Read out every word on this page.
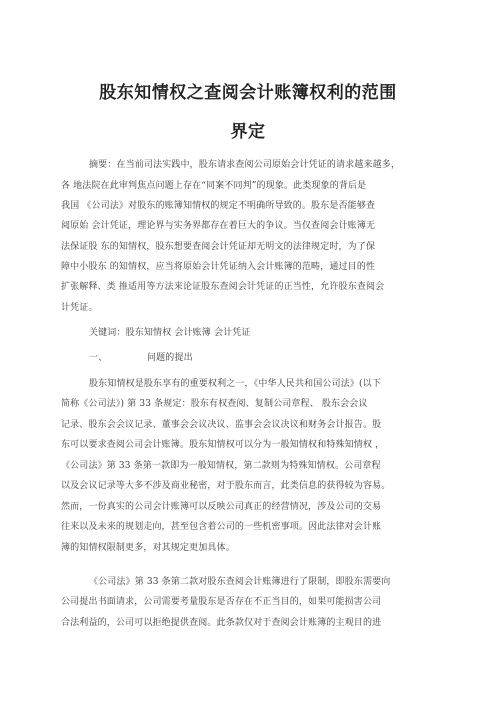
股东知情权之查阅会计账簿权利的范围
界定
摘要：在当前司法实践中，股东请求查阅公司原始会计凭证的请求越来越多，
各 地法院在此审判焦点问题上存在“同案不同判”的现象。此类现象的背后是
我国 《公司法》对股东的账簿知情权的规定不明确所导致的。股东是否能够查
阅原始 会计凭证，理论界与实务界都存在着巨大的争议。当仅查阅会计账簿无
法保证股 东的知情权，股东想要查阅会计凭证却无明文的法律规定时，为了保
障中小股东 的知情权，应当将原始会计凭证纳入会计账簿的范畴，通过目的性
扩张解释、类 推适用等方法来论证股东查阅会计凭证的正当性，允许股东查阅会
计凭证。
关键词：股东知情权 会计账簿 会计凭证
一、	问题的提出
股东知情权是股东享有的重要权利之一，《中华人民共和国公司法》(以下
简称《公司法》) 第 33 条规定：股东有权查阅、复制公司章程、 股东会会议
记录、股东会会议记录、董事会会议决议、监事会会议决议和财务会计报告。股
东可以要求查阅公司会计账簿。股东知情权可以分为一般知情权和特殊知情权 ，
《公司法》第 33 条第一款即为一般知情权，第二款则为特殊知情权。公司章程
以及会议记录等大多不涉及商业秘密，对于股东而言，此类信息的获得较为容易。
然而，一份真实的公司会计账簿可以反映公司真正的经营情况，涉及公司的交易
往来以及未来的规划走向，甚至包含着公司的一些机密事项。因此法律对会计账
簿的知情权限制更多，对其规定更加具体。
《公司法》第 33 条第二款对股东查阅会计账簿进行了限制，即股东需要向
公司提出书面请求，公司需要考量股东是否存在不正当目的，如果可能损害公司
合法利益的，公司可以拒绝提供查阅。此条款仅对于查阅会计账簿的主观目的进
